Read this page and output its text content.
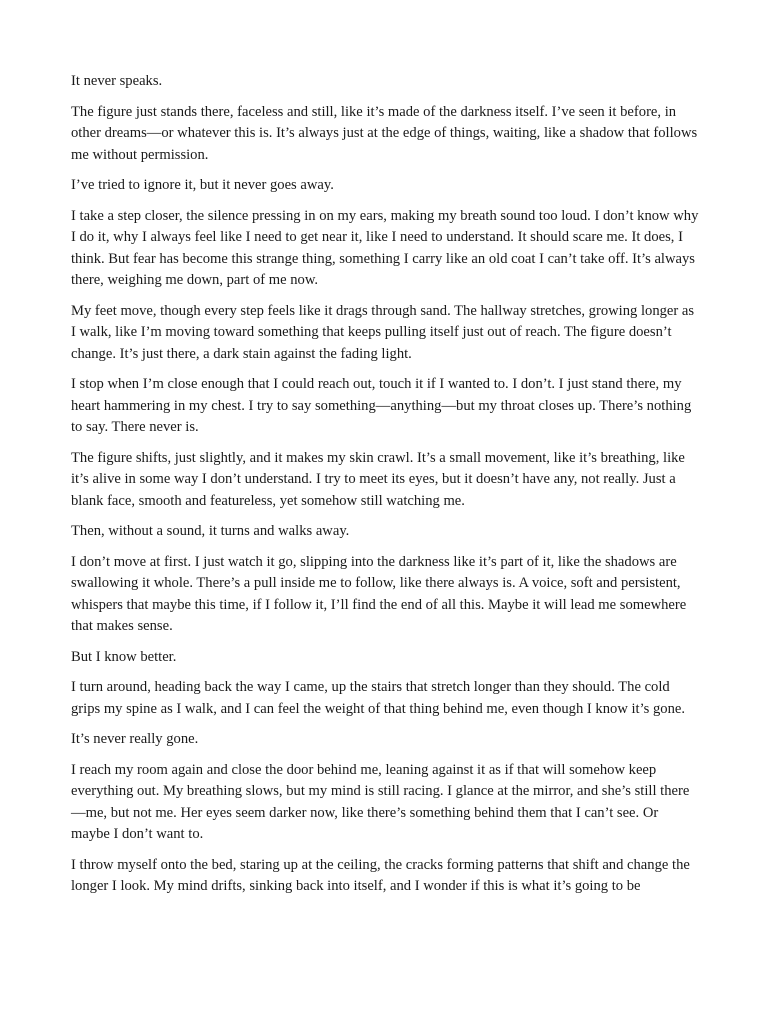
It never speaks.

The figure just stands there, faceless and still, like it’s made of the darkness itself. I’ve seen it before, in other dreams—or whatever this is. It’s always just at the edge of things, waiting, like a shadow that follows me without permission.

I’ve tried to ignore it, but it never goes away.

I take a step closer, the silence pressing in on my ears, making my breath sound too loud. I don’t know why I do it, why I always feel like I need to get near it, like I need to understand. It should scare me. It does, I think. But fear has become this strange thing, something I carry like an old coat I can’t take off. It’s always there, weighing me down, part of me now.

My feet move, though every step feels like it drags through sand. The hallway stretches, growing longer as I walk, like I’m moving toward something that keeps pulling itself just out of reach. The figure doesn’t change. It’s just there, a dark stain against the fading light.

I stop when I’m close enough that I could reach out, touch it if I wanted to. I don’t. I just stand there, my heart hammering in my chest. I try to say something—anything—but my throat closes up. There’s nothing to say. There never is.

The figure shifts, just slightly, and it makes my skin crawl. It’s a small movement, like it’s breathing, like it’s alive in some way I don’t understand. I try to meet its eyes, but it doesn’t have any, not really. Just a blank face, smooth and featureless, yet somehow still watching me.

Then, without a sound, it turns and walks away.

I don’t move at first. I just watch it go, slipping into the darkness like it’s part of it, like the shadows are swallowing it whole. There’s a pull inside me to follow, like there always is. A voice, soft and persistent, whispers that maybe this time, if I follow it, I’ll find the end of all this. Maybe it will lead me somewhere that makes sense.

But I know better.

I turn around, heading back the way I came, up the stairs that stretch longer than they should. The cold grips my spine as I walk, and I can feel the weight of that thing behind me, even though I know it’s gone.

It’s never really gone.

I reach my room again and close the door behind me, leaning against it as if that will somehow keep everything out. My breathing slows, but my mind is still racing. I glance at the mirror, and she’s still there—me, but not me. Her eyes seem darker now, like there’s something behind them that I can’t see. Or maybe I don’t want to.

I throw myself onto the bed, staring up at the ceiling, the cracks forming patterns that shift and change the longer I look. My mind drifts, sinking back into itself, and I wonder if this is what it’s going to be
